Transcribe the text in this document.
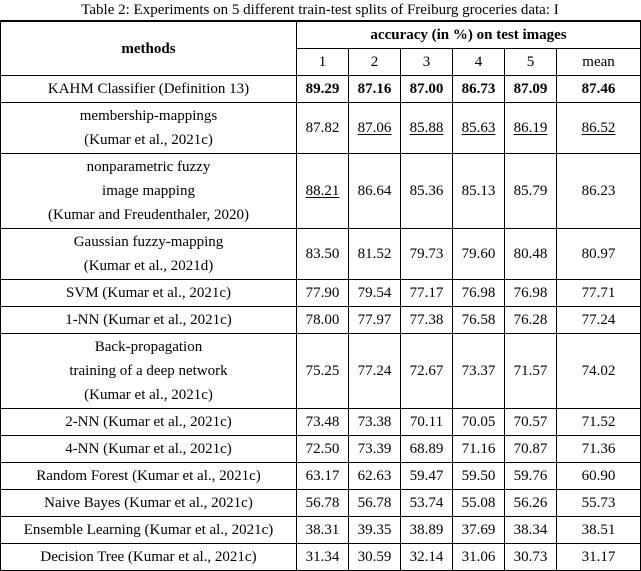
Table 2: Experiments on 5 different train-test splits of Freiburg groceries data: I
methods	accuracy (in %) on test images					
	1	2	3	4	5	mean

KAHM Classifier (Definition 13)	89.29	87.16	87.00	86.73	87.09	87.46

membership-mappings
(Kumar et al., 2021c)	87.82	87.06	85.88	85.63	86.19	86.52

nonparametric fuzzy
image mapping
(Kumar and Freudenthaler, 2020)	88.21	86.64	85.36	85.13	85.79	86.23

Gaussian fuzzy-mapping
(Kumar et al., 2021d)	83.50	81.52	79.73	79.60	80.48	80.97

SVM (Kumar et al., 2021c)	77.90	79.54	77.17	76.98	76.98	77.71

1-NN (Kumar et al., 2021c)	78.00	77.97	77.38	76.58	76.28	77.24

Back-propagation
training of a deep network
(Kumar et al., 2021c)	75.25	77.24	72.67	73.37	71.57	74.02

2-NN (Kumar et al., 2021c)	73.48	73.38	70.11	70.05	70.57	71.52

4-NN (Kumar et al., 2021c)	72.50	73.39	68.89	71.16	70.87	71.36

Random Forest (Kumar et al., 2021c)	63.17	62.63	59.47	59.50	59.76	60.90

Naive Bayes (Kumar et al., 2021c)	56.78	56.78	53.74	55.08	56.26	55.73

Ensemble Learning (Kumar et al., 2021c)	38.31	39.35	38.89	37.69	38.34	38.51

Decision Tree (Kumar et al., 2021c)	31.34	30.59	32.14	31.06	30.73	31.17
